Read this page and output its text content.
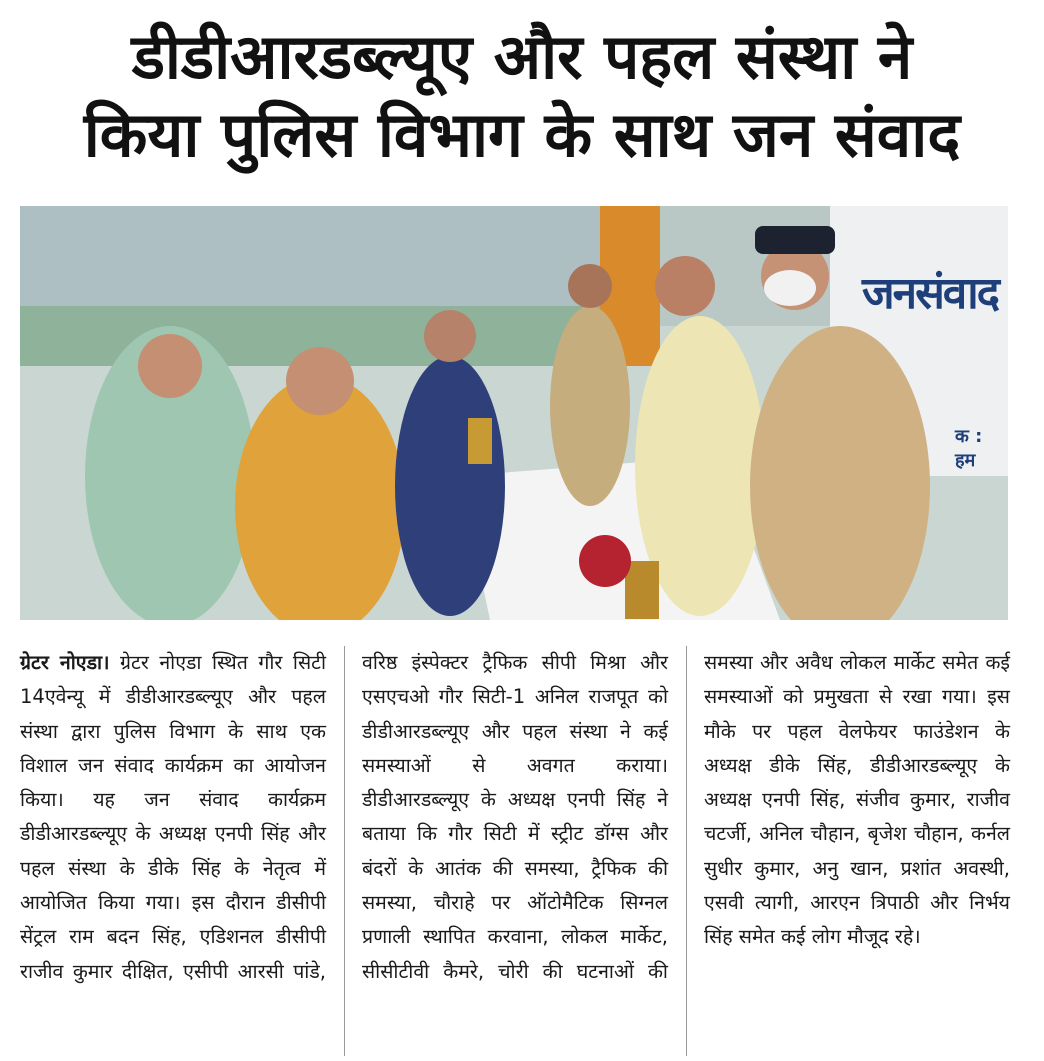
डीडीआरडब्ल्यूए और पहल संस्था ने
किया पुलिस विभाग के साथ जन संवाद
जनसंवाद
क : हम
ग्रेटर नोएडा। ग्रेटर नोएडा स्थित गौर सिटी 14एवेन्यू में डीडीआरडब्ल्यूए और पहल संस्था द्वारा पुलिस विभाग के साथ एक विशाल जन संवाद कार्यक्रम का आयोजन किया। यह जन संवाद कार्यक्रम डीडीआरडब्ल्यूए के अध्यक्ष एनपी सिंह और पहल संस्था के डीके सिंह के नेतृत्व में आयोजित किया गया। इस दौरान डीसीपी सेंट्रल राम बदन सिंह, एडिशनल डीसीपी राजीव कुमार दीक्षित, एसीपी आरसी पांडे, वरिष्ठ इंस्पेक्टर ट्रैफिक सीपी मिश्रा और एसएचओ गौर सिटी-1 अनिल राजपूत को डीडीआरडब्ल्यूए और पहल संस्था ने कई समस्याओं से अवगत कराया। डीडीआरडब्ल्यूए के अध्यक्ष एनपी सिंह ने बताया कि गौर सिटी में स्ट्रीट डॉग्स और बंदरों के आतंक की समस्या, ट्रैफिक की समस्या, चौराहे पर ऑटोमैटिक सिग्नल प्रणाली स्थापित करवाना, लोकल मार्केट, सीसीटीवी कैमरे, चोरी की घटनाओं की समस्या और अवैध लोकल मार्केट समेत कई समस्याओं को प्रमुखता से रखा गया। इस मौके पर पहल वेलफेयर फाउंडेशन के अध्यक्ष डीके सिंह, डीडीआरडब्ल्यूए के अध्यक्ष एनपी सिंह, संजीव कुमार, राजीव चटर्जी, अनिल चौहान, बृजेश चौहान, कर्नल सुधीर कुमार, अनु खान, प्रशांत अवस्थी, एसवी त्यागी, आरएन त्रिपाठी और निर्भय सिंह समेत कई लोग मौजूद रहे।
